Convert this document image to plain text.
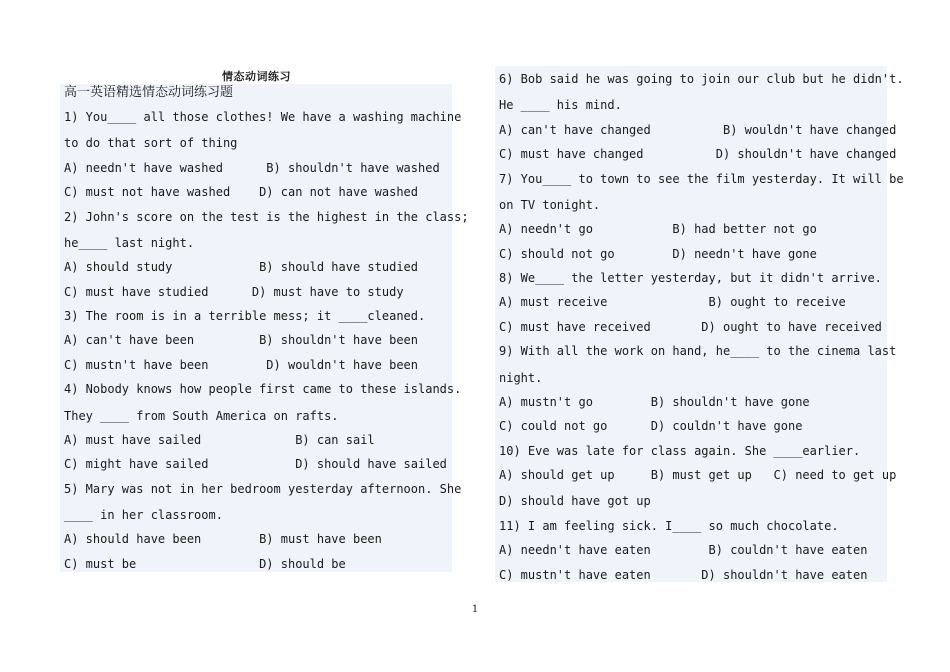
情态动词练习
高一英语精选情态动词练习题
1) You____ all those clothes! We have a washing machine
to do that sort of thing
A) needn't have washed      B) shouldn't have washed
C) must not have washed    D) can not have washed
2) John's score on the test is the highest in the class;
he____ last night.
A) should study            B) should have studied
C) must have studied      D) must have to study
3) The room is in a terrible mess; it ____cleaned.
A) can't have been         B) shouldn't have been
C) mustn't have been        D) wouldn't have been
4) Nobody knows how people first came to these islands.
They ____ from South America on rafts.
A) must have sailed             B) can sail
C) might have sailed            D) should have sailed
5) Mary was not in her bedroom yesterday afternoon. She
____ in her classroom.
A) should have been        B) must have been
C) must be                 D) should be
6) Bob said he was going to join our club but he didn't.
He ____ his mind.
A) can't have changed          B) wouldn't have changed
C) must have changed          D) shouldn't have changed
7) You____ to town to see the film yesterday. It will be
on TV tonight.
A) needn't go           B) had better not go
C) should not go        D) needn't have gone
8) We____ the letter yesterday, but it didn't arrive.
A) must receive              B) ought to receive
C) must have received       D) ought to have received
9) With all the work on hand, he____ to the cinema last
night.
A) mustn't go        B) shouldn't have gone
C) could not go      D) couldn't have gone
10) Eve was late for class again. She ____earlier.
A) should get up     B) must get up   C) need to get up
D) should have got up
11) I am feeling sick. I____ so much chocolate.
A) needn't have eaten        B) couldn't have eaten
C) mustn't have eaten       D) shouldn't have eaten
1
